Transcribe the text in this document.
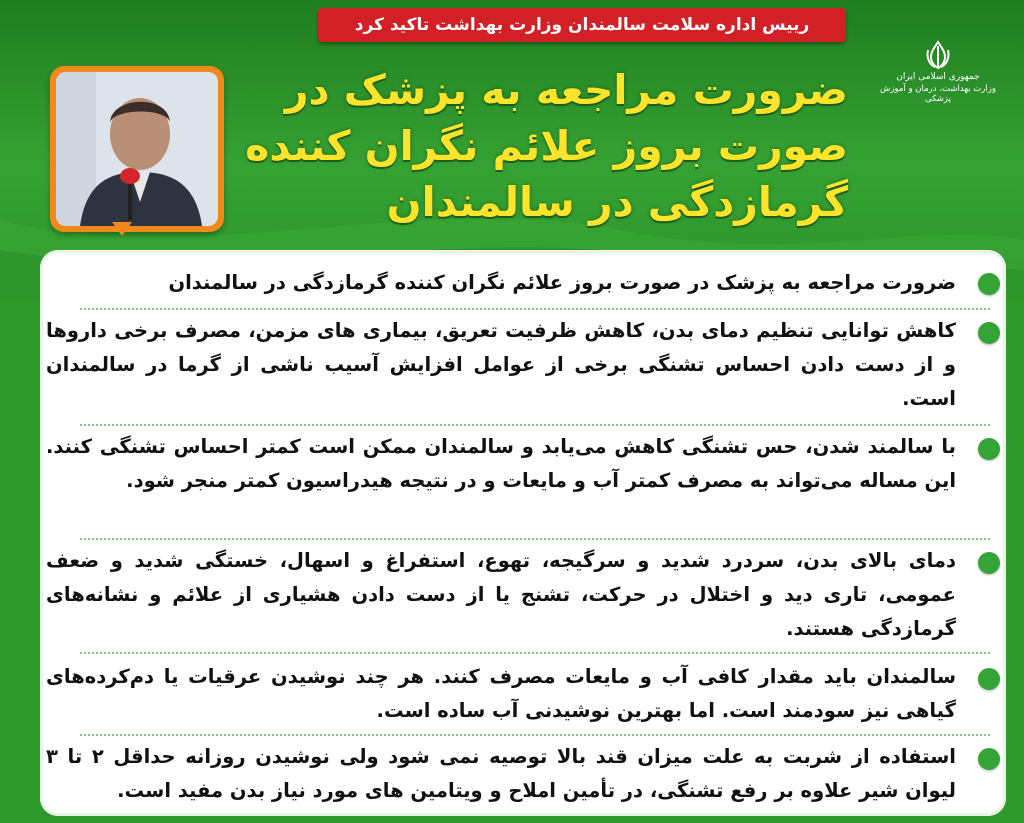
رییس اداره سلامت سالمندان وزارت بهداشت تاکید کرد
جمهوری اسلامی ایران
وزارت بهداشت، درمان و آموزش پزشکی
ضرورت مراجعه به پزشک در
صورت بروز علائم نگران کننده
گرمازدگی در سالمندان
ضرورت مراجعه به پزشک در صورت بروز علائم نگران کننده گرمازدگی در سالمندان
کاهش توانایی تنظیم دمای بدن، کاهش ظرفیت تعریق، بیماری های مزمن، مصرف برخی داروها و از دست دادن احساس تشنگی برخی از عوامل افزایش آسیب ناشی از گرما در سالمندان است.
با سالمند شدن، حس تشنگی کاهش می‌یابد و سالمندان ممکن است کمتر احساس تشنگی کنند. این مساله می‌تواند به مصرف کمتر آب و مایعات و در نتیجه هیدراسیون کمتر منجر شود.
دمای بالای بدن، سردرد شدید و سرگیجه، تهوع، استفراغ و اسهال، خستگی شدید و ضعف عمومی، تاری دید و اختلال در حرکت، تشنج یا از دست دادن هشیاری از علائم و نشانه‌های گرمازدگی هستند.
سالمندان باید مقدار کافی آب و مایعات مصرف کنند. هر چند نوشیدن عرقیات یا دم‌کرده‌های گیاهی نیز سودمند است. اما بهترین نوشیدنی آب ساده است.
استفاده از شربت به علت میزان قند بالا توصیه نمی شود ولی نوشیدن روزانه حداقل ۲ تا ۳ لیوان شیر علاوه بر رفع تشنگی، در تأمین املاح و ویتامین های مورد نیاز بدن مفید است.
